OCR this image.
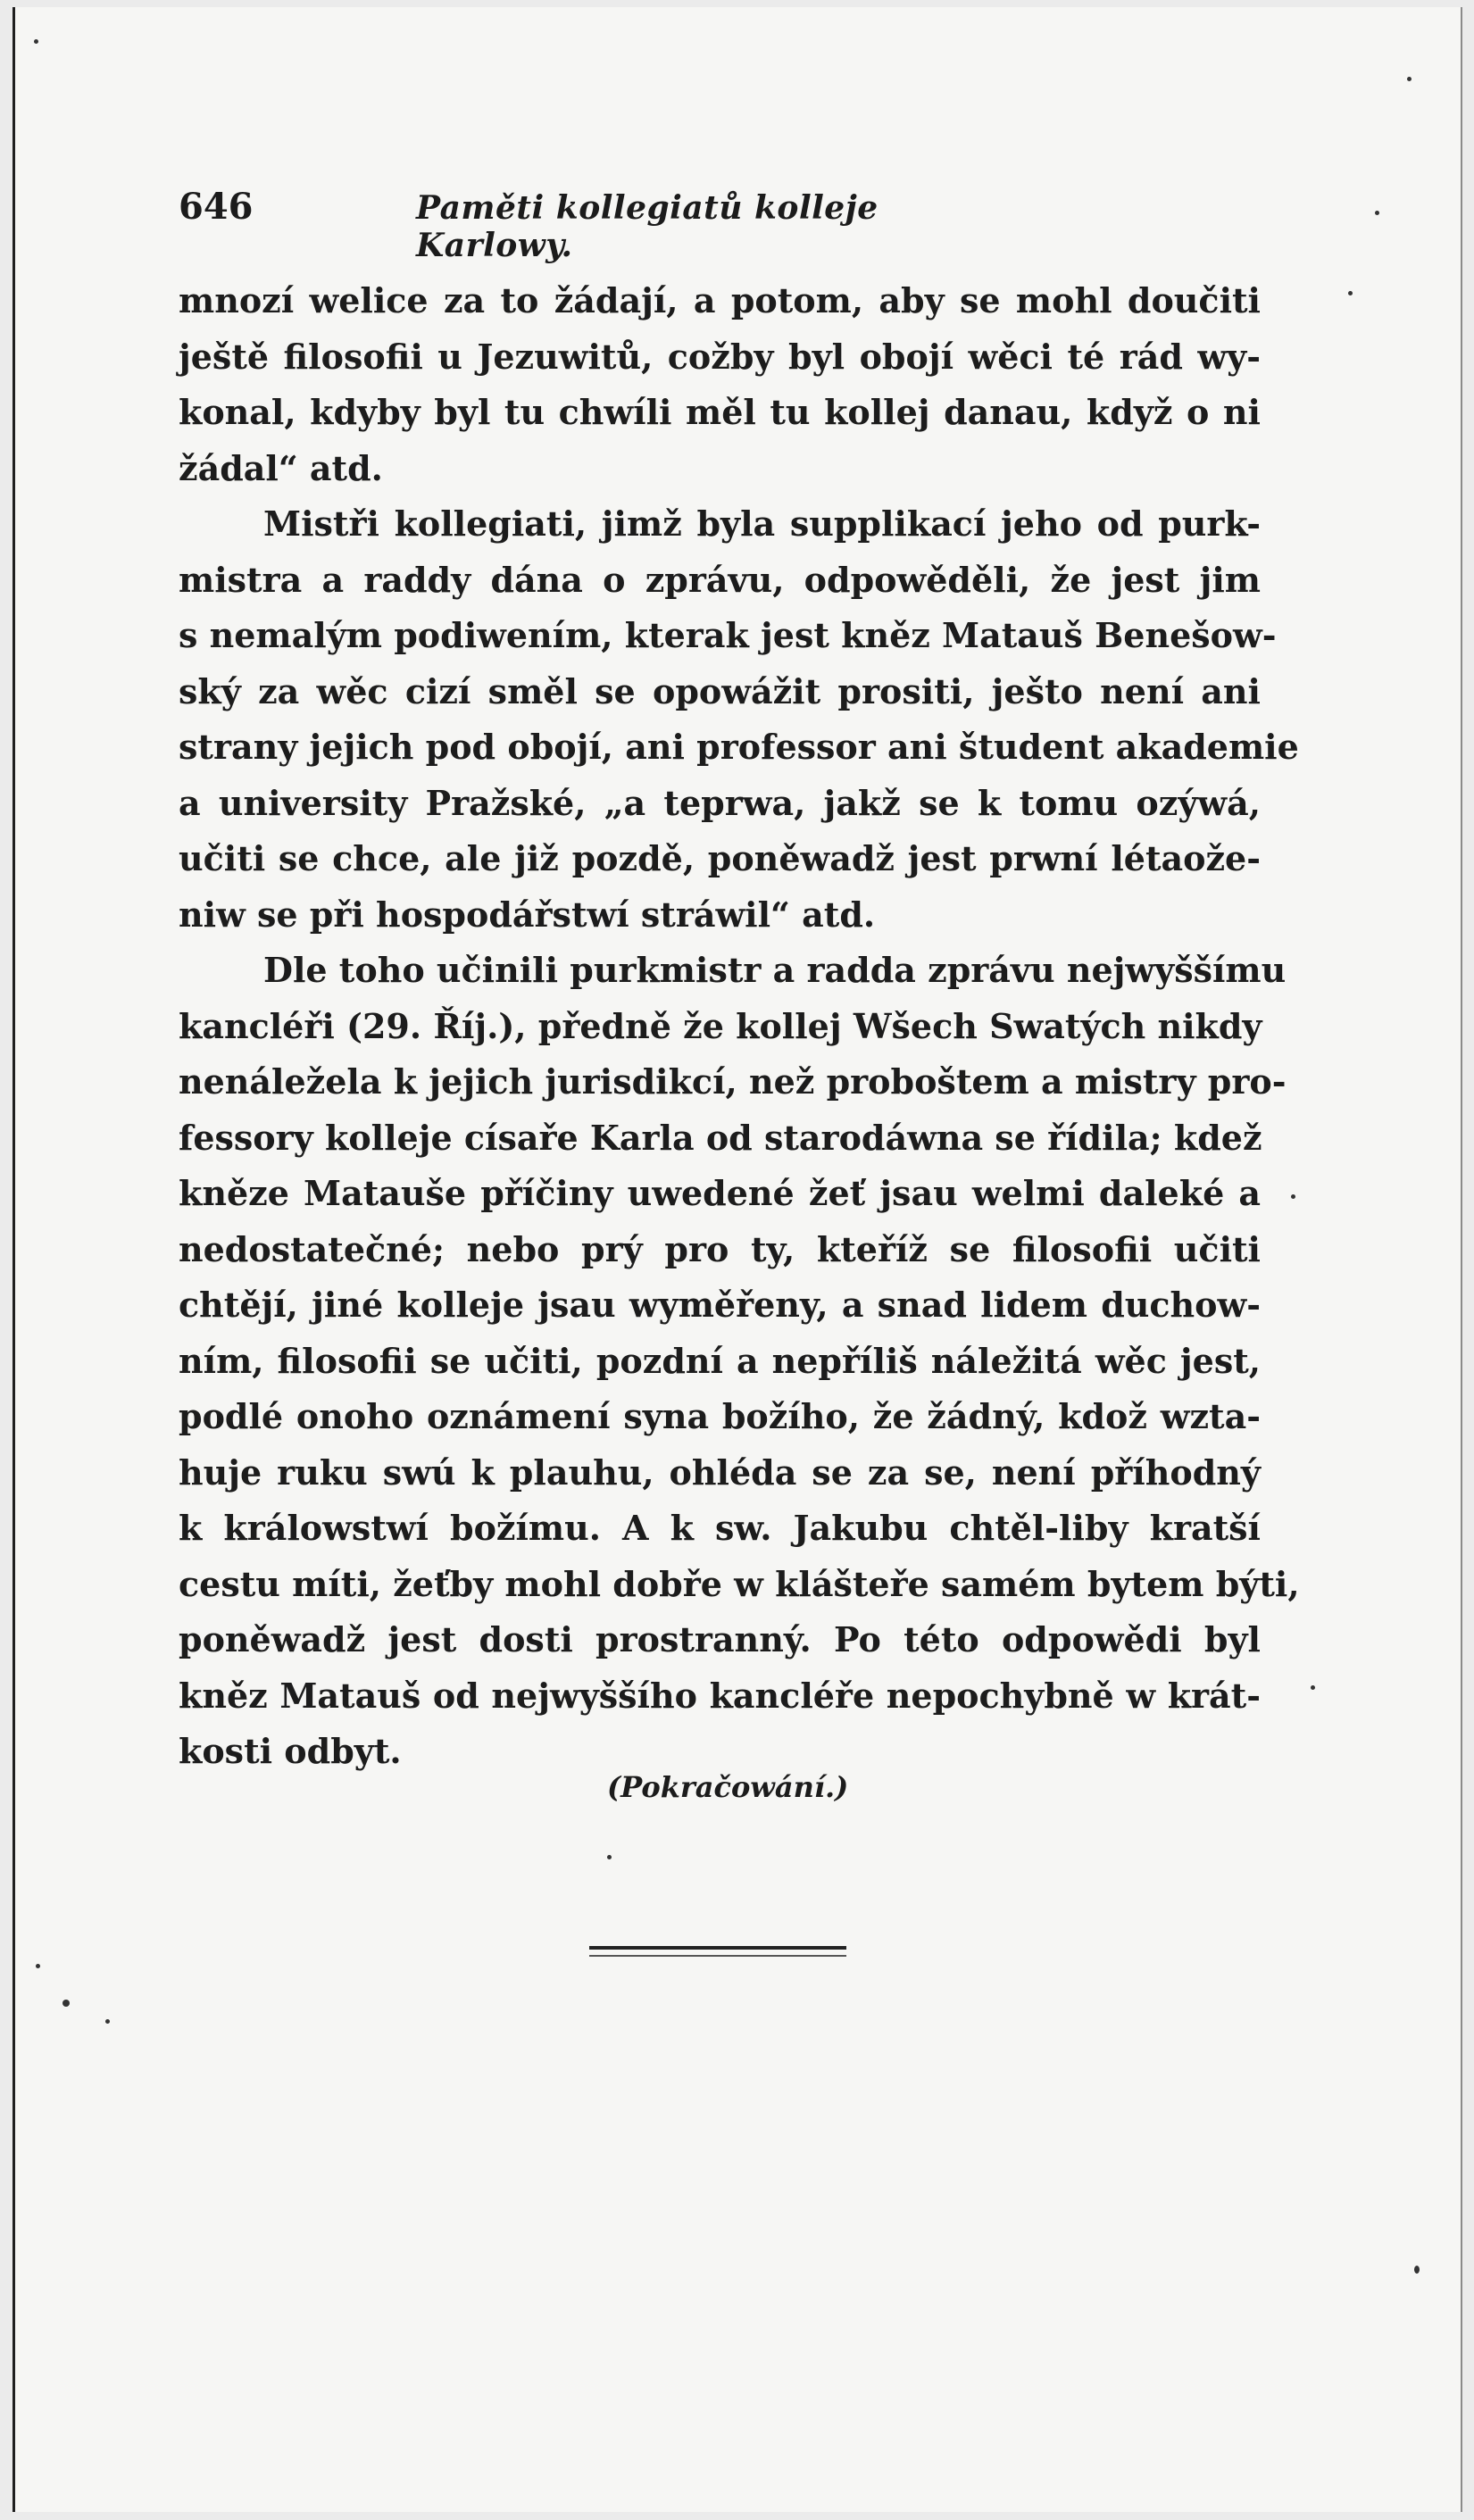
646	Paměti kollegiatů kolleje Karlowy.
mnozí welice za to žádají, a potom, aby se mohl doučiti
ještě filosofii u Jezuwitů, cožby byl obojí wěci té rád wy-
konal, kdyby byl tu chwíli měl tu kollej danau, když o ni
žádal“ atd.
Mistři kollegiati, jimž byla supplikací jeho od purk-
mistra a raddy dána o zprávu, odpowěděli, že jest jim
s nemalým podiwením, kterak jest kněz Matauš Benešow-
ský za wěc cizí směl se opowážit prositi, ješto není ani
strany jejich pod obojí, ani professor ani študent akademie
a university Pražské, „a teprwa, jakž se k tomu ozýwá,
učiti se chce, ale již pozdě, poněwadž jest prwní létaože-
niw se při hospodářstwí stráwil“ atd.
Dle toho učinili purkmistr a radda zprávu nejwyššímu
kancléři (29. Říj.), předně že kollej Wšech Swatých nikdy
nenáležela k jejich jurisdikcí, než proboštem a mistry pro-
fessory kolleje císaře Karla od starodáwna se řídila; kdež
kněze Matauše příčiny uwedené žeť jsau welmi daleké a
nedostatečné; nebo prý pro ty, kteříž se filosofii učiti
chtějí, jiné kolleje jsau wyměřeny, a snad lidem duchow-
ním, filosofii se učiti, pozdní a nepříliš náležitá wěc jest,
podlé onoho oznámení syna božího, že žádný, kdož wzta-
huje ruku swú k plauhu, ohléda se za se, není příhodný
k králowstwí božímu. A k sw. Jakubu chtěl-liby kratší
cestu míti, žeťby mohl dobře w klášteře samém bytem býti,
poněwadž jest dosti prostranný. Po této odpowědi byl
kněz Matauš od nejwyššího kancléře nepochybně w krát-
kosti odbyt.
(Pokračowání.)
